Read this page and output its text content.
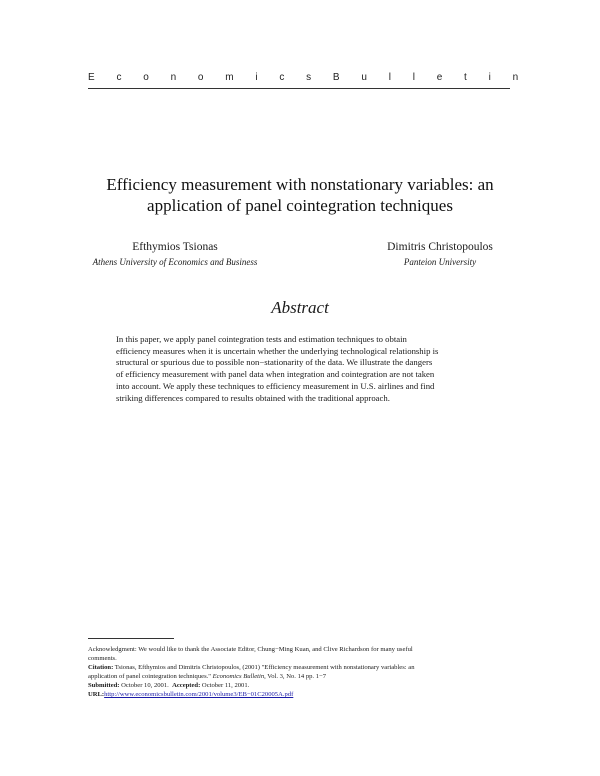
E c o n o m i c s B u l l e t i n
Efficiency measurement with nonstationary variables: an
application of panel cointegration techniques
Efthymios Tsionas
Athens University of Economics and Business
Dimitris Christopoulos
Panteion University
Abstract
In this paper, we apply panel cointegration tests and estimation techniques to obtain
efficiency measures when it is uncertain whether the underlying technological relationship is
structural or spurious due to possible non−stationarity of the data. We illustrate the dangers
of efficiency measurement with panel data when integration and cointegration are not taken
into account. We apply these techniques to efficiency measurement in U.S. airlines and find
striking differences compared to results obtained with the traditional approach.

Acknowledgment: We would like to thank the Associate Editor, Chung−Ming Kuan, and Clive Richardson for many useful

comments.

Citation: Tsionas, Efthymios and Dimitris Christopoulos, (2001) "Efficiency measurement with nonstationary variables: an

application of panel cointegration techniques." Economics Bulletin, Vol. 3, No. 14 pp. 1−7

Submitted: October 10, 2001. Accepted: October 11, 2001.

URL:http://www.economicsbulletin.com/2001/volume3/EB−01C20005A.pdf
